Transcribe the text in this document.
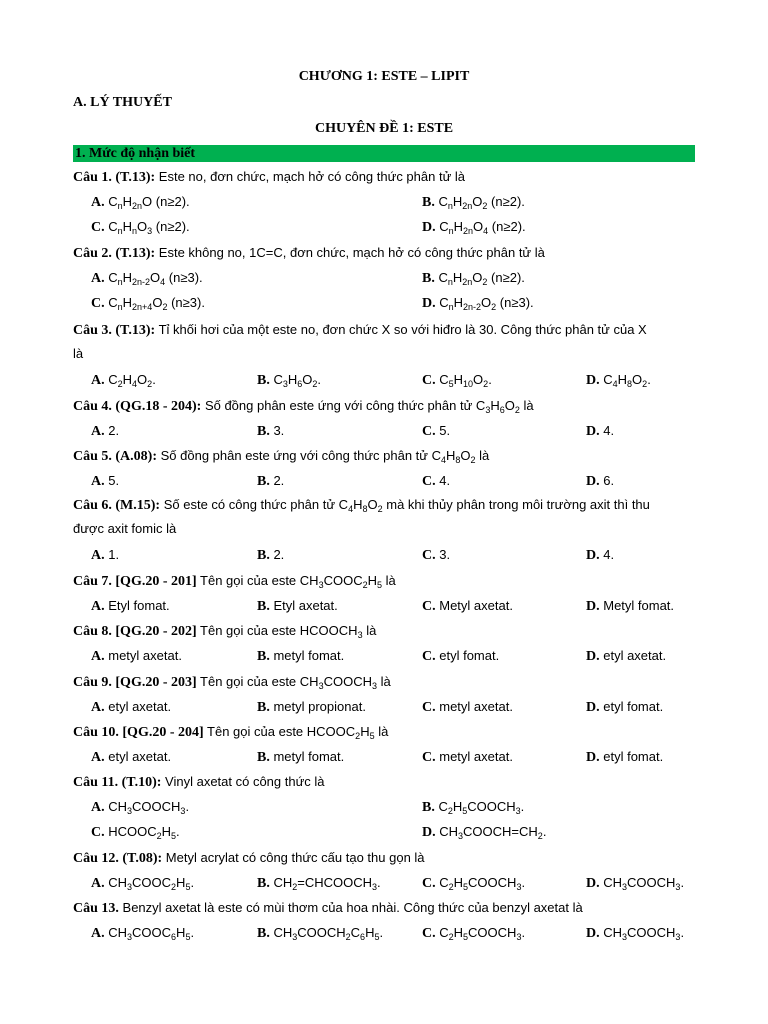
CHƯƠNG 1: ESTE – LIPIT
A. LÝ THUYẾT
CHUYÊN ĐỀ 1: ESTE
1. Mức độ nhận biết
Câu 1. (T.13): Este no, đơn chức, mạch hở có công thức phân tử là
A. $C_nH_{2n}O$ (n≥2).	B. $C_nH_{2n}O_2$ (n≥2).
C. $C_nH_nO_3$ (n≥2).	D. $C_nH_{2n}O_4$ (n≥2).
Câu 2. (T.13): Este không no, 1C=C, đơn chức, mạch hở có công thức phân tử là
A. $C_nH_{2n-2}O_4$ (n≥3).	B. $C_nH_{2n}O_2$ (n≥2).
C. $C_nH_{2n+4}O_2$ (n≥3).	D. $C_nH_{2n-2}O_2$ (n≥3).
Câu 3. (T.13): Tỉ khối hơi của một este no, đơn chức X so với hiđro là 30. Công thức phân tử của X
là
A. $C_2H_4O_2$.	B. $C_3H_6O_2$.	C. $C_5H_{10}O_2$.	D. $C_4H_8O_2$.
Câu 4. (QG.18 - 204): Số đồng phân este ứng với công thức phân tử $C_3H_6O_2$ là
A. 2.	B. 3.	C. 5.	D. 4.
Câu 5. (A.08): Số đồng phân este ứng với công thức phân tử $C_4H_8O_2$ là
A. 5.	B. 2.	C. 4.	D. 6.
Câu 6. (M.15): Số este có công thức phân tử $C_4H_8O_2$ mà khi thủy phân trong môi trường axit thì thu
được axit fomic là
A. 1.	B. 2.	C. 3.	D. 4.
Câu 7. [QG.20 - 201] Tên gọi của este $CH_3COOC_2H_5$ là
A. Etyl fomat.	B. Etyl axetat.	C. Metyl axetat.	D. Metyl fomat.
Câu 8. [QG.20 - 202] Tên gọi của este $HCOOCH_3$ là
A. metyl axetat.	B. metyl fomat.	C. etyl fomat.	D. etyl axetat.
Câu 9. [QG.20 - 203] Tên gọi của este $CH_3COOCH_3$ là
A. etyl axetat.	B. metyl propionat.	C. metyl axetat.	D. etyl fomat.
Câu 10. [QG.20 - 204] Tên gọi của este $HCOOC_2H_5$ là
A. etyl axetat.	B. metyl fomat.	C. metyl axetat.	D. etyl fomat.
Câu 11. (T.10): Vinyl axetat có công thức là
A. $CH_3COOCH_3$.	B. $C_2H_5COOCH_3$.
C. $HCOOC_2H_5$.	D. $CH_3COOCH=CH_2$.
Câu 12. (T.08): Metyl acrylat có công thức cấu tạo thu gọn là
A. $CH_3COOC_2H_5$.	B. $CH_2=CHCOOCH_3$.	C. $C_2H_5COOCH_3$.	D. $CH_3COOCH_3$.
Câu 13. Benzyl axetat là este có mùi thơm của hoa nhài. Công thức của benzyl axetat là
A. $CH_3COOC_6H_5$.	B. $CH_3COOCH_2C_6H_5$.	C. $C_2H_5COOCH_3$.	D. $CH_3COOCH_3$.
